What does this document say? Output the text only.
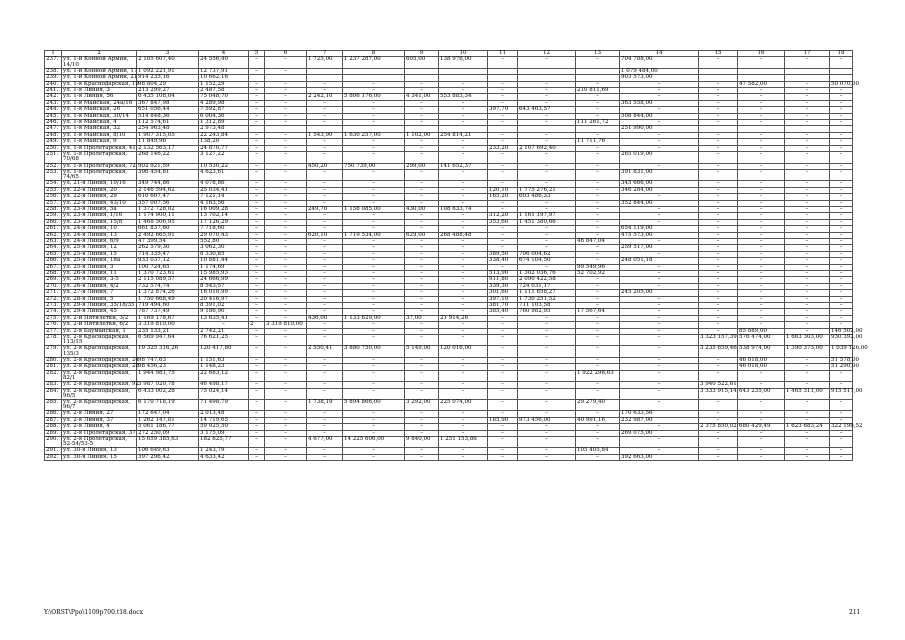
1	2	3	4	5	6	7	8	9	10	11	12	13	14	15	16	17	18
237.	ул. 1-й Конной Армии, 14/10	2 105 607,40	24 556,40	–	–	1 725,00	1 237 287,00	605,00	138 976,00	–	–	–	704 788,00	–	–	–	–
238.	ул. 1-й Конной Армии, 17	1 092 221,91	12 737,91	–	–								1 079 484,00				
239.	ул. 1-й Конной Армии, 21	914 235,16	10 662,16										903 573,00				
240.	ул. 1-я Краснодарская, 19	98 804,29	1 152,29	–	–	–	–	–	–	–	–	–	–	–	47 582,00	–	50 070,00
241.	ул. 1-я Линия, 3	213 299,27	2 487,58	–	–	–	–	–	–	–	–	210 811,69	–	–	–	–	–
242.	ул. 1-я Линия, 56	6 435 108,04	75 048,70	–	–	2 242,10	5 806 176,00	4 341,00	553 883,34	–	–	–	–	–	–	–	–
243.	ул. 1-я Майская, 24а/16	367 847,98	4 289,98	–	–	–	–	–	–	–	–	–	363 558,00	–	–	–	–
244.	ул. 1-я Майская, 26	651 056,44	7 592,87	–	–	–	–	–	–	397,70	643 463,57	–	–	–	–	–	–
245.	ул. 1-я Майская, 30/14	514 848,36	6 004,36	–	–	–	–	–	–	–	–	–	508 844,00	–	–	–	–
246.	ул. 1-я Майская, 4	112 574,61	1 312,89	–	–	–	–	–	–	–	–	111 261,72	–	–	–	–	–
247.	ул. 1-я Майская, 32	254 963,48	2 973,48										251 990,00				
248.	ул. 1-я Майская, 8/10	1 907 315,05	22 243,84	–	–	1 543,90	1 630 257,00	1 102,00	254 814,21	–	–	–	–	–	–	–	–
249.	ул. 1-я Майская, 9	11 849,96	138,20	–	–	–	–	–	–	–	–	11 711,76	–	–	–	–	–
250.	ул. 1-я Пролетарская, 41	2 132 563,17	24 870,77	–	–	–	–	–	–	233,20	2 107 692,40	–	–	–	–	–	–
251.	ул. 1-я Пролетарская, 70/68	268 146,22	3 127,22	–	–	–	–	–	–	–	–	–	265 019,00	–	–	–	–
252.	ул. 1-я Пролетарская, 72	902 921,59	10 530,22	–	–	450,20	750 739,00	299,00	141 652,37	–	–	–	–	–	–	–	–
253.	ул. 1-я Пролетарская, 74/65	396 454,61	4 623,61	–	–	–	–	–	–	–	–	–	391 831,00	–	–	–	–
254.	ул. 21-я Линия, 10/16	349 744,86	4 078,86	–	–	–	–	–	–	–	–	–	345 666,00	–	–	–	–
255.	ул. 22-я Линия, 20	2 146 594,62	25 034,41	–	–	–	–	–	–	120,10	1 775 276,21	–	346 284,00	–	–	–	–
256.	ул. 22-я Линия, 29	610 607,47	7 121,14	–	–	–	–	–	–	165,20	603 486,33	–	–	–	–	–	–
257.	ул. 22-я Линия, 43/10	357 007,56	4 163,56	–	–	–	–	–	–	–	–	–	352 844,00	–	–	–	–
258.	ул. 23-я Линия, 5а	1 372 728,02	16 009,28	–	–	249,70	1 158 085,00	430,00	108 633,74	–	–	–	–	–	–	–	–
259.	ул. 23-я Линия, 1/16	1 174 900,11	13 702,14	–	–	–	–	–	–	312,20	1 161 197,97	–	–	–	–	–	–
260.	ул. 23-я Линия, 15/8	1 468 506,95	17 126,29	–	–	–	–	–	–	353,60	1 451 380,66	–	–	–	–	–	–
261.	ул. 24-я Линия, 10	661 837,60	7 718,60	–	–	–	–	–	–	–	–	–	654 119,00	–	–	–	–
262.	ул. 24-я Линия, 13	2 492 665,91	29 070,43	–	–	620,10	1 719 534,00	629,00	268 488,48	–	–	–	475 573,00	–	–	–	–
263.	ул. 24-я Линия, 6/9	47 399,54	552,80	–	–	–	–	–	–	–	–	46 847,04	–	–	–	–	–
264.	ул. 25-я Линия, 12	262 579,30	3 062,30	–	–	–	–	–	–	–	–	–	259 517,00	–	–	–	–
265.	ул. 25-я Линия, 15	714 335,47	8 330,85	–	–	–	–	–	–	389,50	706 004,62	–	–	–	–	–	–
266.	ул. 25-я Линия, 18а	933 037,12	10 881,44	–	–	–	–	–	–	338,40	674 104,50	–	248 051,18	–	–	–	–
267.	ул. 25-я Линия, 3	100 724,65	1 174,69	–	–	–	–	–	–	–	–	99 549,96	–	–	–	–	–
268.	ул. 26-я Линия, 11	1 370 723,61	15 985,93	–	–	–	–	–	–	513,90	1 302 036,76	52 702,92	–	–	–	–	–
269.	ул. 26-я Линия, 3-5	2 115 089,57	24 666,99	–	–	–	–	–	–	911,80	2 090 422,58	–	–	–	–	–	–
270.	ул. 26-я Линия, 4/2	732 574,74	8 543,57	–	–	–	–	–	–	339,30	724 031,17	–	–	–	–	–	–
271.	ул. 27-я Линия, 7	1 372 874,26	16 010,99	–	–	–	–	–	–	301,60	1 111 658,27	–	245 205,00	–	–	–	–
272.	ул. 28-я Линия, 5	1 750 668,49	20 416,97	–	–	–	–	–	–	397,10	1 730 251,52	–	–	–	–	–	–
273.	ул. 29-я Линия, 35/18/35	719 494,60	8 391,02	–	–	–	–	–	–	381,70	711 103,58	–	–	–	–	–	–
274.	ул. 29-я Линия, 45	787 737,49	9 186,90	–	–	–	–	–	–	385,40	760 982,95	17 567,64	–	–	–	–	–
275.	ул. 2-й Пятилетки, 3/2	1 169 178,67	13 635,41	–	–	436,00	1 133 629,00	37,00	21 914,26	–	–	–	–	–	–	–	–
276.	ул. 2-й Пятилетки, 6/2	3 319 810,00	–	2	3 319 810,00	–	–	–	–	–	–	–	–	–	–	–	–
277.	ул. 2-я Бауманская, 1	235 133,21	2 742,21	–	–	–	–	–	–	–	–	–	–	–	85 889,00	–	146 502,00
278.	ул. 2-я Краснодарская, 113/15	6 569 947,64	76 621,25	–	–	–	–	–	–	–	–	–	–	3 323 157,39	576 474,00	1 663 303,00	930 392,00
279.	ул. 2-я Краснодарская, 135/3	10 325 316,26	120 417,80	–	–	2 550,41	3 880 750,00	5 149,00	120 016,00	–	–	–	–	3 235 659,46	538 974,00	1 390 373,00	1 039 126,00
280.	ул. 2-я Краснодарская, 24	98 747,63	1 151,63	–	–	–	–	–	–	–	–	–	–	–	46 018,00	–	51 578,00
281.	ул. 2-я Краснодарская, 28	98 456,23	1 148,23	–	–	–	–	–	–	–	–	–	–	–	46 018,00	–	51 290,00
282.	ул. 2-я Краснодарская, 82/1	1 944 981,75	22 683,12	–	–	–	–	–	–	–	–	1 922 298,63	–	–	–	–	–
283.	ул. 2-я Краснодарская, 92	3 987 020,78	46 498,17	–	–	–	–	–	–	–	–	–	–	3 940 522,61	–	–	–
284.	ул. 2-я Краснодарская, 96/5	6 433 002,28	75 024,14	–	–	–	–	–	–	–	–	–	–	3 333 915,14	643 235,00	1 465 311,00	915 517,00
285.	ул. 2-я Краснодарская, 96/7	6 170 718,19	71 498,79	–	–	1 738,19	5 894 866,00	3 292,00	225 074,00	–	–	29 279,40	–	–	–	–	–
286.	ул. 2-я Линия, 27	172 647,04	2 013,48	–	–	–	–	–	–	–	–	–	170 633,56	–	–	–	–
287.	ул. 2-я Линия, 37	1 262 147,81	14 719,65	–	–	–	–	–	–	185,90	973 456,00	40 991,16	232 987,00	–	–	–	–
288.	ул. 2-я Линия, 4	5 061 186,77	59 025,50	–	–	–	–	–	–	–	–	–	–	2 375 850,02	680 429,49	1 623 683,24	322 198,52
289.	ул. 2-я Пролетарская, 37	272 250,09	3 175,09	–	–	–	–	–	–	–	–	–	269 075,00	–	–	–	–
290.	ул. 2-я Пролетарская, 52-54/53-5	15 659 385,63	182 625,77	–	–	4 677,00	14 225 606,00	9 840,00	1 251 153,86	–	–	–	–	–	–	–	–
291.	ул. 30-я Линия, 13	106 649,63	1 243,79	–	–	–	–	–	–	–	–	105 405,84	–	–	–	–	–
292.	ул. 30-я Линия, 15	397 296,42	4 633,42	–	–	–	–	–	–	–	–	–	392 663,00	–	–	–	–
Y:\ORST\Ppo\1109p700.t18.docx	211
